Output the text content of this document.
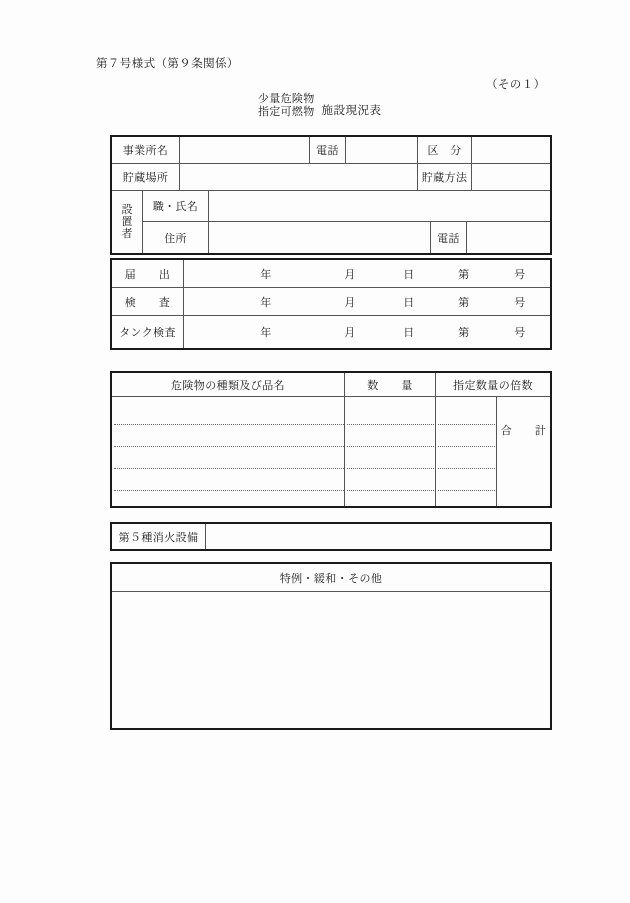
第７号様式（第９条関係）
（その１）
少量危険物
指定可燃物 施設現況表
事業所名	電話	区　分
貯蔵場所	貯蔵方法
設
置
者
職・氏名
住所	電話
届　　出	年	月	日	第	号
検　　査	年	月	日	第	号
タンク検査	年	月	日	第	号
危険物の種類及び品名	数　　量	指定数量の倍数
合　　計
第５種消火設備
特例・緩和・その他
